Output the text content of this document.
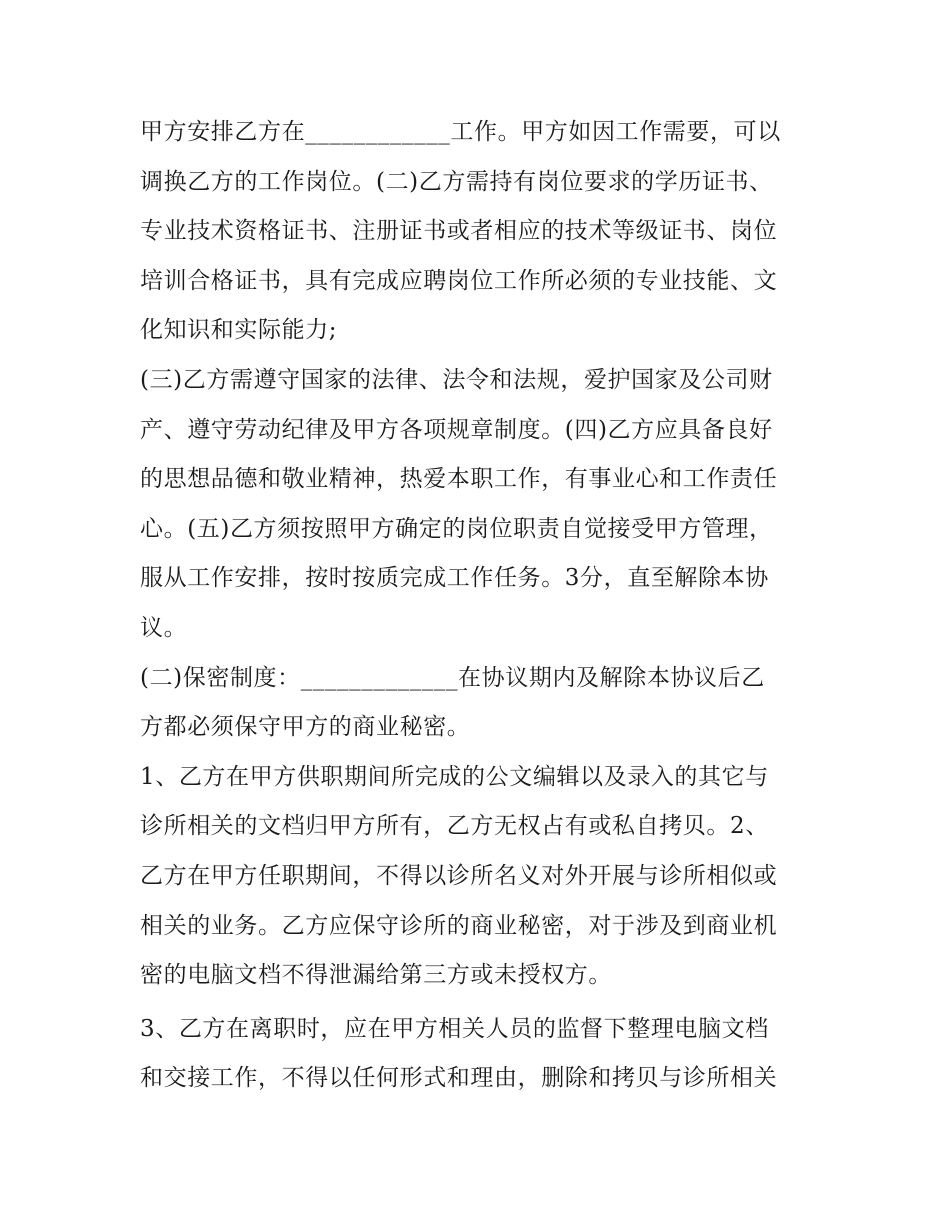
甲方安排乙方在____________工作。甲方如因工作需要，可以
调换乙方的工作岗位。(二)乙方需持有岗位要求的学历证书、
专业技术资格证书、注册证书或者相应的技术等级证书、岗位
培训合格证书，具有完成应聘岗位工作所必须的专业技能、文
化知识和实际能力;
(三)乙方需遵守国家的法律、法令和法规，爱护国家及公司财
产、遵守劳动纪律及甲方各项规章制度。(四)乙方应具备良好
的思想品德和敬业精神，热爱本职工作，有事业心和工作责任
心。(五)乙方须按照甲方确定的岗位职责自觉接受甲方管理，
服从工作安排，按时按质完成工作任务。3分，直至解除本协
议。
(二)保密制度：_____________在协议期内及解除本协议后乙
方都必须保守甲方的商业秘密。
1、乙方在甲方供职期间所完成的公文编辑以及录入的其它与
诊所相关的文档归甲方所有，乙方无权占有或私自拷贝。2、
乙方在甲方任职期间，不得以诊所名义对外开展与诊所相似或
相关的业务。乙方应保守诊所的商业秘密，对于涉及到商业机
密的电脑文档不得泄漏给第三方或未授权方。
3、乙方在离职时，应在甲方相关人员的监督下整理电脑文档
和交接工作，不得以任何形式和理由，删除和拷贝与诊所相关
